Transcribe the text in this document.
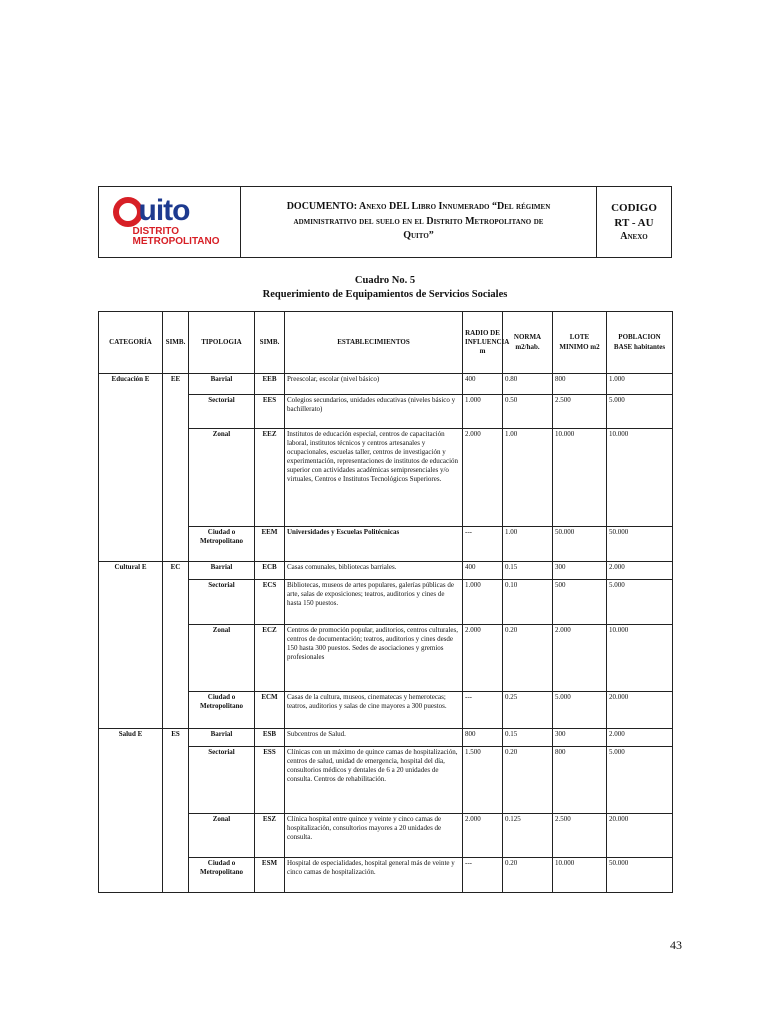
uito
DISTRITO
METROPOLITANO
DOCUMENTO: Anexo DEL Libro Innumerado “Del régimen
administrativo del suelo en el Distrito Metropolitano de
Quito”
CODIGO
RT - AU
Anexo
Cuadro No. 5
Requerimiento de Equipamientos de Servicios Sociales
CATEGORÍA	SIMB.	TIPOLOGIA	SIMB.	ESTABLECIMIENTOS	RADIO DE INFLUENCIA m	NORMA m2/hab.	LOTE MINIMO m2	POBLACION BASE habitantes
Educación E	EE	Barrial	EEB	Preescolar, escolar (nivel básico)	400	0.80	800	1.000
		Sectorial	EES	Colegios secundarios, unidades educativas (niveles básico y bachillerato)	1.000	0.50	2.500	5.000
		Zonal	EEZ	Institutos de educación especial, centros de capacitación laboral, institutos técnicos y centros artesanales y ocupacionales, escuelas taller, centros de investigación y experimentación, representaciones de institutos de educación superior con actividades académicas semipresenciales y/o virtuales, Centros e Institutos Tecnológicos Superiores.	2.000	1.00	10.000	10.000
		Ciudad o Metropolitano	EEM	Universidades y Escuelas Politécnicas	---	1.00	50.000	50.000
Cultural E	EC	Barrial	ECB	Casas comunales, bibliotecas barriales.	400	0.15	300	2.000
		Sectorial	ECS	Bibliotecas, museos de artes populares, galerías públicas de arte, salas de exposiciones; teatros, auditorios y cines de hasta 150 puestos.	1.000	0.10	500	5.000
		Zonal	ECZ	Centros de promoción popular, auditorios, centros culturales, centros de documentación; teatros, auditorios y cines desde 150 hasta 300 puestos. Sedes de asociaciones y gremios profesionales	2.000	0.20	2.000	10.000
		Ciudad o Metropolitano	ECM	Casas de la cultura, museos, cinematecas y hemerotecas; teatros, auditorios y salas de cine mayores a 300 puestos.	---	0.25	5.000	20.000
Salud E	ES	Barrial	ESB	Subcentros de Salud.	800	0.15	300	2.000
		Sectorial	ESS	Clínicas con un máximo de quince camas de hospitalización, centros de salud, unidad de emergencia, hospital del día, consultorios médicos y dentales de 6 a 20 unidades de consulta. Centros de rehabilitación.	1.500	0.20	800	5.000
		Zonal	ESZ	Clínica hospital entre quince y veinte y cinco camas de hospitalización, consultorios mayores a 20 unidades de consulta.	2.000	0.125	2.500	20.000
		Ciudad o Metropolitano	ESM	Hospital de especialidades, hospital general más de veinte y cinco camas de hospitalización.	---	0.20	10.000	50.000
43
